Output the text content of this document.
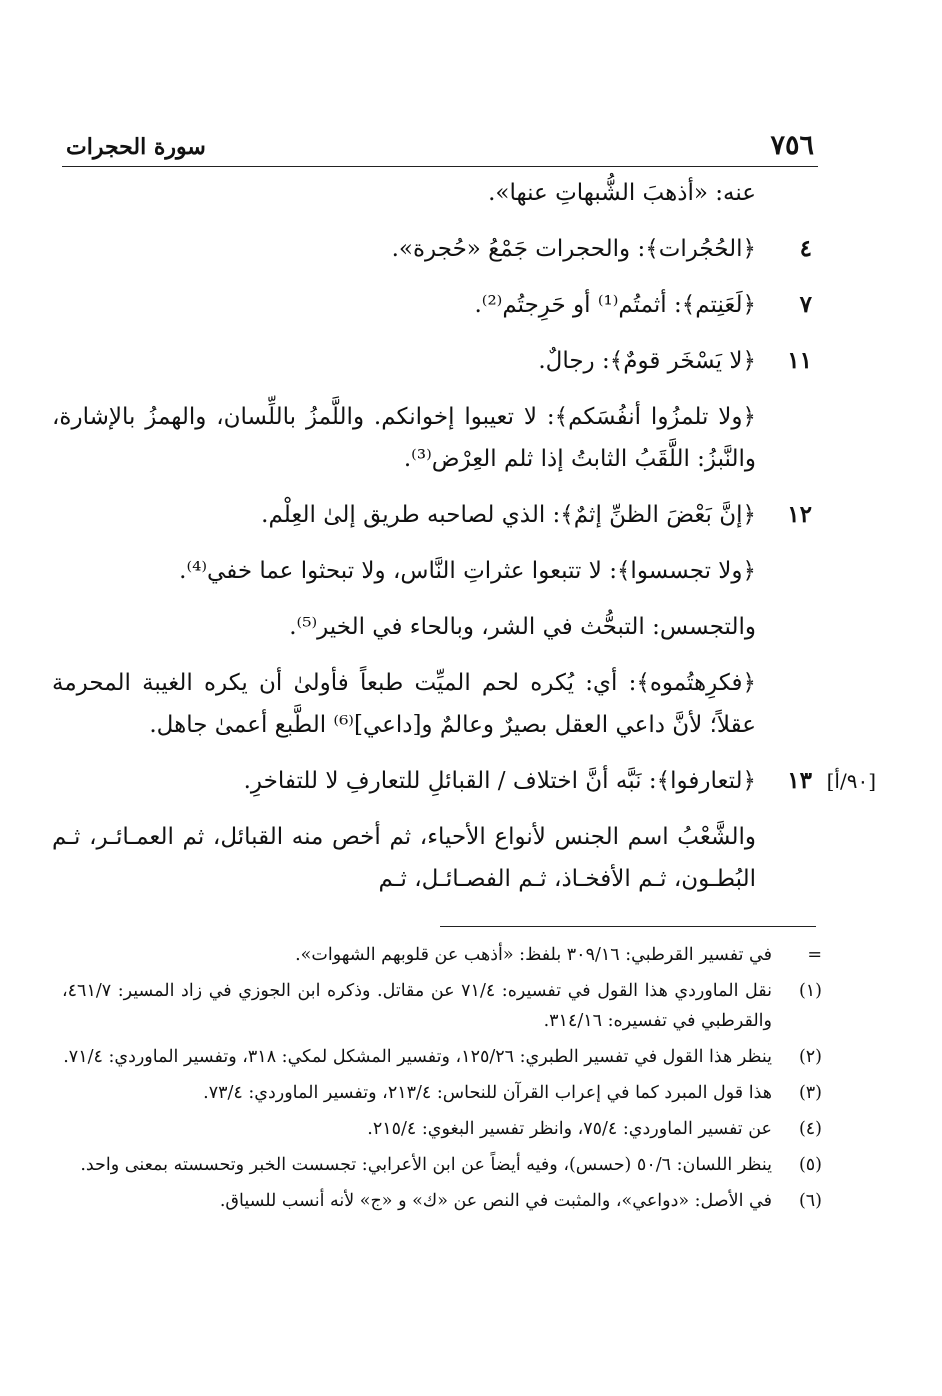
٧٥٦
سورة الحجرات
عنه: «أذهبَ الشُّبهاتِ عنها».
٤
﴿الحُجُرات﴾: والحجرات جَمْعُ «حُجرة».
٧
﴿لَعَنِتم﴾: أثمتُم⁽¹⁾ أو حَرِجتُم⁽²⁾.
١١
﴿لا يَسْخَر قومٌ﴾: رجالٌ.
﴿ولا تلمزُوا أنفُسَكم﴾: لا تعيبوا إخوانكم. واللَّمزُ باللِّسان، والهمزُ بالإشارة، والنَّبزُ: اللَّقَبُ الثابتُ إذا ثلم العِرْض⁽³⁾.
١٢
﴿إنَّ بَعْضَ الظنِّ إثمٌ﴾: الذي لصاحبه طريق إلىٰ العِلْم.
﴿ولا تجسسوا﴾: لا تتبعوا عثراتِ النَّاس، ولا تبحثوا عما خفي⁽⁴⁾.
والتجسس: التبحُّث في الشر، وبالحاء في الخير⁽⁵⁾.
﴿فكرِهتُموه﴾: أي: يُكره لحم الميِّت طبعاً فأولىٰ أن يكره الغيبة المحرمة عقلاً؛ لأنَّ داعي العقل بصيرٌ وعالمٌ و[داعي]⁽⁶⁾ الطَّبع أعمىٰ جاهل.
[٩٠/أ]
١٣
﴿لتعارفوا﴾: نَبَّه أنَّ اختلاف / القبائلِ للتعارفِ لا للتفاخرِ.
والشَّعْبُ اسم الجنس لأنواع الأحياء، ثم أخص منه القبائل، ثم العمـائـر، ثـم البُطـون، ثـم الأفخـاذ، ثـم الفصـائـل، ثـم
=
في تفسير القرطبي: ٣٠٩/١٦ بلفظ: «أذهب عن قلوبهم الشهوات».
(١)
نقل الماوردي هذا القول في تفسيره: ٧١/٤ عن مقاتل. وذكره ابن الجوزي في زاد المسير: ٤٦١/٧، والقرطبي في تفسيره: ٣١٤/١٦.
(٢)
ينظر هذا القول في تفسير الطبري: ١٢٥/٢٦، وتفسير المشكل لمكي: ٣١٨، وتفسير الماوردي: ٧١/٤.
(٣)
هذا قول المبرد كما في إعراب القرآن للنحاس: ٢١٣/٤، وتفسير الماوردي: ٧٣/٤.
(٤)
عن تفسير الماوردي: ٧٥/٤، وانظر تفسير البغوي: ٢١٥/٤.
(٥)
ينظر اللسان: ٥٠/٦ (حسس)، وفيه أيضاً عن ابن الأعرابي: تجسست الخبر وتحسسته بمعنى واحد.
(٦)
في الأصل: «دواعي»، والمثبت في النص عن «ك» و «ج» لأنه أنسب للسياق.
